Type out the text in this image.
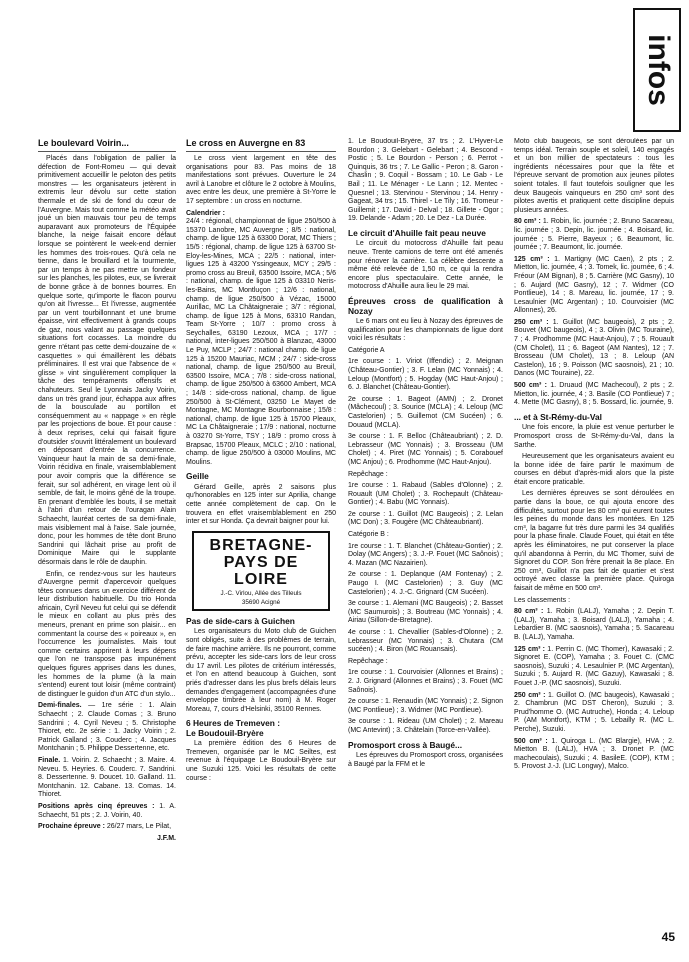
infos
Le boulevard Voirin...

Placés dans l'obligation de pallier la défection de Font-Romeu — qui devait primitivement accueillir le peloton des petits monstres — les organisateurs jetèrent in extremis leur dévolu sur cette station thermale et de ski de fond du cœur de l'Auvergne. Mais tout comme la météo avait joué un bien mauvais tour peu de temps auparavant aux promoteurs de l'Équipée blanche, la neige faisait encore défaut lorsque se pointèrent le week-end dernier les hommes des trois-roues. Qu'à cela ne tienne, dans le brouillard et la tourmente, par un temps à ne pas mettre un fondeur sur les planches, les pilotes, eux, se livrerait de bonne grâce à de bonnes bourres. En quelque sorte, qu'importe le flacon pourvu qu'on ait l'ivresse... Et l'ivresse, augmentée par un vent tourbillonnant et une brume épaisse, vint effectivement à grands coups de gaz, nous valant au passage quelques situations fort cocasses. La moindre du genre n'étant pas cette demi-douzaine de « casquettes » qui émaillèrent les débats préliminaires. Il est vrai que l'absence de « glisse » vint singulièrement compliquer la tâche des tempéraments offensifs et chahuteurs. Seul le Lyonnais Jacky Voirin, dans un très grand jour, échappa aux affres de la bousculade au portillon et conséquemment au « nappage » en règle par les projections de boue. Et pour cause : à deux reprises, celui qui faisait figure d'outsider s'ouvrit littéralement un boulevard en déposant d'entrée la concurrence. Vainqueur haut la main de sa demi-finale, Voirin récidiva en finale, vraisemblablement pour avoir compris que la différence se ferait, sur sol adhérent, en virage lent où il semble, de fait, le moins gêné de la troupe. En prenant d'emblée les bouts, il se mettait à l'abri d'un retour de l'ouragan Alain Schaecht, lauréat certes de sa demi-finale, mais visiblement mal à l'aise. Sale journée, donc, pour les hommes de tête dont Bruno Sandrini qui lâchait prise au profit de Dominique Maire qui le supplante désormais dans le rôle de dauphin.

Enfin, ce rendez-vous sur les hauteurs d'Auvergne permit d'apercevoir quelques têtes connues dans un exercice différent de leur distribution habituelle. Du trio Honda africain, Cyril Neveu fut celui qui se défendit le mieux en collant au plus près des meneurs, prenant en prime son plaisir... en commentant la course des « poireaux », en l'occurrence les journalistes. Mais tout comme certains apprirent à leurs dépens que l'on ne transpose pas impunément quelques figures apprises dans les dunes, les hommes de la plume (à la main s'entend) eurent tout loisir (même contraint) de distinguer le guidon d'un ATC d'un stylo...

Demi-finales. — 1re série : 1. Alain Schaecht ; 2. Claude Comas ; 3. Bruno Sandrini ; 4. Cyril Neveu ; 5. Christophe Thioret, etc. 2e série : 1. Jacky Voirin ; 2. Patrick Galland ; 3. Couderc ; 4. Jacques Montchanin ; 5. Philippe Dessertenne, etc.

Finale. 1. Voirin. 2. Schaecht ; 3. Maire. 4. Neveu. 5. Heyries. 6. Couderc. 7. Sandrini. 8. Dessertenne. 9. Doucet. 10. Galland. 11. Montchanin. 12. Cabane. 13. Comas. 14. Thioret.

Positions après cinq épreuves : 1. A. Schaecht, 51 pts ; 2. J. Voirin, 40.

Prochaine épreuve : 26/27 mars, Le Pilat,

J.F.M.
Le cross en Auvergne en 83

Le cross vient largement en tête des organisations pour 83. Pas moins de 18 manifestations sont prévues. Ouverture le 24 avril à Lanobre et clôture le 2 octobre à Moulins, avec entre les deux, une première à St-Yorre le 17 septembre : un cross en nocturne.

Calendrier :
24/4 : régional, championnat de ligue 250/500 à 15370 Lanobre, MC Auvergne ; 8/5 : national, champ. de ligue 125 à 63300 Dorat, MC Thiers ; 15/5 : régional, champ. de ligue 125 à 63700 St-Eloy-les-Mines, MCA ; 22/5 : national, inter-ligues 125 à 43200 Yssingeaux, MCY ; 29/5 : promo cross au Breuil, 63500 Issoire, MCA ; 5/6 : national, champ. de ligue 125 à 03310 Neris-les-Bains, MC Montluçon ; 12/6 : national, champ. de ligue 250/500 à Vézac, 15000 Aurillac, MC La Châtaigneraie ; 3/7 : régional, champ. de ligue 125 à Mons, 63310 Randan, Team St-Yorre ; 10/7 : promo cross à Seychalles, 63190 Lezoux, MCA ; 17/7 : national, inter-ligues 250/500 à Blanzac, 43000 Le Puy, MCLP ; 24/7 : national champ. de ligue 125 à 15200 Mauriac, MCM ; 24/7 : side-cross national, champ. de ligue 250/500 au Breuil, 63500 Issoire, MCA ; 7/8 : side-cross national, champ. de ligue 250/500 à 63600 Ambert, MCA ; 14/8 : side-cross national, champ. de ligue 250/500 à St-Clément, 03250 Le Mayet de Montagne, MC Montagne Bourbonnaise ; 15/8 : national, champ. de ligue 125 à 15700 Pleaux, MC La Châtaigneraie ; 17/9 : national, nocturne à 03270 St-Yorre, TSY ; 18/9 : promo cross à Brapsac, 15700 Pleaux, MCLC ; 2/10 : national, champ. de ligue 250/500 à 03000 Moulins, MC Moulins.

Geille

Gérard Geille, après 2 saisons plus qu'honorables en 125 inter sur Aprilia, change cette année complètement de cap. On le trouvera en effet vraisemblablement en 250 inter et sur Honda. Ça devrait baigner pour lui.

BRETAGNE-
PAYS DE
LOIRE
J.-C. Virlou, Allée des Tilleuls
35690 Acigné
Pas de side-cars à Guichen

Les organisateurs du Moto club de Guichen sont obligés, suite à des problèmes de terrain, de faire machine arrière. Ils ne pourront, comme prévu, accepter les side-cars lors de leur cross du 17 avril. Les pilotes de critérium intéressés, et l'on en attend beaucoup à Guichen, sont priés d'adresser dans les plus brefs délais leurs demandes d'engagement (accompagnées d'une enveloppe timbrée à leur nom) à M. Roger Moreau, 7, cours d'Helsinki, 35100 Rennes.

6 Heures de Tremeven :
Le Boudouil-Bryère

La première édition des 6 Heures de Tremeven, organisée par le MC Seiltes, est revenue à l'équipage Le Boudouil-Bryère sur une Suzuki 125. Voici les résultats de cette course :

1. Le Boudouil-Bryère, 37 trs ; 2. L'Hyver-Le Bourdon ; 3. Gelebart - Gelebart ; 4. Bescond - Postic ; 5. Le Bourdon - Person ; 6. Perrot - Quinquis, 36 trs ; 7. Le Gallic - Peron ; 8. Garon - Chaslin ; 9. Coquil - Bossam ; 10. Le Gab - Le Bail ; 11. Le Ménager - Le Lann ; 12. Mentec - Quesnel ; 13. Stervinou - Stervinou ; 14. Henry - Gageat, 34 trs ; 15. Thirel - Le Tily ; 16. Tromeur - Guillemit ; 17. David - Delval ; 18. Gillete - Ogor ; 19. Delande - Adam ; 20. Le Dez - La Durée.

Le circuit d'Ahuille fait peau neuve

Le circuit du motocross d'Ahuille fait peau neuve. Trente camions de terre ont été amenés pour rénover la carrière. La célèbre descente a même été relevée de 1,50 m, ce qui la rendra encore plus spectaculaire. Cette année, le motocross d'Ahuille aura lieu le 29 mai.

Épreuves cross de qualification à Nozay

Le 6 mars ont eu lieu à Nozay des épreuves de qualification pour les championnats de ligue dont voici les résultats :

Catégorie A

1re course : 1. Viriot (Iffendic) ; 2. Meignan (Château-Gontier) ; 3. F. Lelan (MC Yonnais) ; 4. Leloup (Montfort) ; 5. Hogday (MC Haut-Anjou) ; 6. J. Blanchet (Château-Gontier).

2e course : 1. Bageot (AMN) ; 2. Dronet (Mâchecoul) ; 3. Sourice (MCLA) ; 4. Leloup (MC Castelorien) ; 5. Guillemot (CM Sucéen) ; 6. Douaud (MCLA).

3e course : 1. F. Belloc (Châteaubriant) ; 2. D. Lebrasseur (MC Yonnais) ; 3. Brosseau (UM Cholet) ; 4. Piret (MC Yonnais) ; 5. Corabouef (MC Anjou) ; 6. Prodhomme (MC Haut-Anjou).

Repêchage :

1re course : 1. Rabaud (Sables d'Olonne) ; 2. Rouault (UM Cholet) ; 3. Rochepault (Château-Gontier) ; 4. Babu (MC Yonnais).

2e course : 1. Guillot (MC Baugeois) ; 2. Lelan (MC Don) ; 3. Fougère (MC Châteaubriant).

Catégorie B :

1re course : 1. T. Blanchet (Château-Gontier) ; 2. Dolay (MC Angers) ; 3. J.-P. Fouet (MC Saônois) ; 4. Mazan (MC Nazairien).

2e course : 1. Deplanque (AM Fontenay) ; 2. Paugo I. (MC Castelorien) ; 3. Guy (MC Castelorien) ; 4. J.-C. Grignard (CM Sucéen).

3e course : 1. Alemani (MC Baugeois) ; 2. Basset (MC Saumurois) ; 3. Boutreau (MC Yonnais) ; 4. Airiau (Sillon-de-Bretagne).

4e course : 1. Chevallier (Sables-d'Olonne) ; 2. Lebrasseur (MC Yonnais) ; 3. Chutara (CM sucéen) ; 4. Biron (MC Rouansais).

Repêchage :

1re course : 1. Courvoisier (Allonnes et Brains) ; 2. J. Grignard (Allonnes et Brains) ; 3. Fouet (MC Saônois).

2e course : 1. Renaudin (MC Yonnais) ; 2. Signon (MC Pontlieue) ; 3. Widmer (MC Pontlieue).

3e course : 1. Rideau (UM Cholet) ; 2. Mareau (MC Antevint) ; 3. Châtelain (Torce-en-Vallée).

Promosport cross à Baugé...

Les épreuves du Promosport cross, organisées à Baugé par la FFM et le

Moto club baugeois, se sont déroulées par un temps idéal. Terrain souple et soleil, 140 engagés et un bon millier de spectateurs : tous les ingrédients nécessaires pour que la fête et l'épreuve servant de promotion aux jeunes pilotes soient totales. Il faut toutefois souligner que les deux Baugeois vainqueurs en 250 cm³ sont des pilotes avertis et pratiquent cette discipline depuis plusieurs années.

80 cm³ : 1. Robin, lic. journée ; 2. Bruno Sacareau, lic. journée ; 3. Depin, lic. journée ; 4. Boisard, lic. journée ; 5. Pierre, Bayeux ; 6. Beaumont, lic. journée ; 7. Beaumont, lic. journée.

125 cm³ : 1. Martigny (MC Caen), 2 pts ; 2. Mietton, lic. journée, 4 ; 3. Tomek, lic. journée, 6 ; 4. Fréour (AM Bignan), 8 ; 5. Carrière (MC Gasny), 10 ; 6. Aujard (MC Gasny), 12 ; 7. Widmer (CO Pontlieue), 14 ; 8. Mareau, lic. journée, 17 ; 9. Lesaulnier (MC Argentan) ; 10. Courvoisier (MC Allonnes), 26.

250 cm³ : 1. Guillot (MC baugeois), 2 pts ; 2. Bouvet (MC baugeois), 4 ; 3. Olivin (MC Touraine), 7 ; 4. Prodhomme (MC Haut-Anjou), 7 ; 5. Rouault (CM Cholet), 11 ; 6. Bageot (AM Nantes), 12 ; 7. Brosseau (UM Cholet), 13 ; 8. Leloup (AN Castelon), 16 ; 9. Poisson (MC saosnois), 21 ; 10. Danos (MC Touraine), 22.

500 cm³ : 1. Druaud (MC Machecoul), 2 pts ; 2. Mietton, lic. journée, 4 ; 3. Basile (CO Pontlieue) 7 ; 4. Mette (MC Gasny), 8 ; 5. Bossard, lic. journée, 9.

... et à St-Rémy-du-Val

Une fois encore, la pluie est venue perturber le Promosport cross de St-Rémy-du-Val, dans la Sarthe.

Heureusement que les organisateurs avaient eu la bonne idée de faire partir le maximum de courses en début d'après-midi alors que la piste était encore praticable.

Les dernières épreuves se sont déroulées en partie dans la boue, ce qui ajouta encore des difficultés, surtout pour les 80 cm³ qui eurent toutes les peines du monde dans les montées. En 125 cm³, la bagarre fut très dure parmi les 34 qualifiés pour la phase finale. Claude Fouet, qui était en tête après les éliminatoires, ne put conserver la place qu'il abandonna à Perrin, du MC Thomer, suivi de Signoret du COP. Son frère prenait la 8e place. En 250 cm³, Guillot n'a pas fait de quartier et s'est octroyé avec classe la première place. Quiroga faisait de même en 500 cm³.

Les classements :

80 cm³ : 1. Robin (LALJ), Yamaha ; 2. Depin T. (LALJ), Yamaha ; 3. Boisard (LALJ), Yamaha ; 4. Lebardier B. (MC saosnois), Yamaha ; 5. Sacareau B. (LALJ), Yamaha.

125 cm³ : 1. Perrin C. (MC Thomer), Kawasaki ; 2. Signoret E. (COP), Yamaha ; 3. Fouet C. (CMC saosnois), Suzuki ; 4. Lesaulnier P. (MC Argentan), Suzuki ; 5. Aujard R. (MC Gazuy), Kawasaki ; 8. Fouet J.-P. (MC saosnois), Suzuki.

250 cm³ : 1. Guillot O. (MC baugeois), Kawasaki ; 2. Chambrun (MC DST Cheron), Suzuki ; 3. Prud'homme O. (MC Autruche), Honda ; 4. Leloup P. (AM Montfort), KTM ; 5. Lebailly R. (MC L. Perche), Suzuki.

500 cm³ : 1. Quiroga L. (MC Blargie), HVA ; 2. Mietton B. (LALJ), HVA ; 3. Dronet P. (MC machecoulais), Suzuki ; 4. BasileE. (COP), KTM ; 5. Provost J.-J. (LIC Longwy), Malco.

45
